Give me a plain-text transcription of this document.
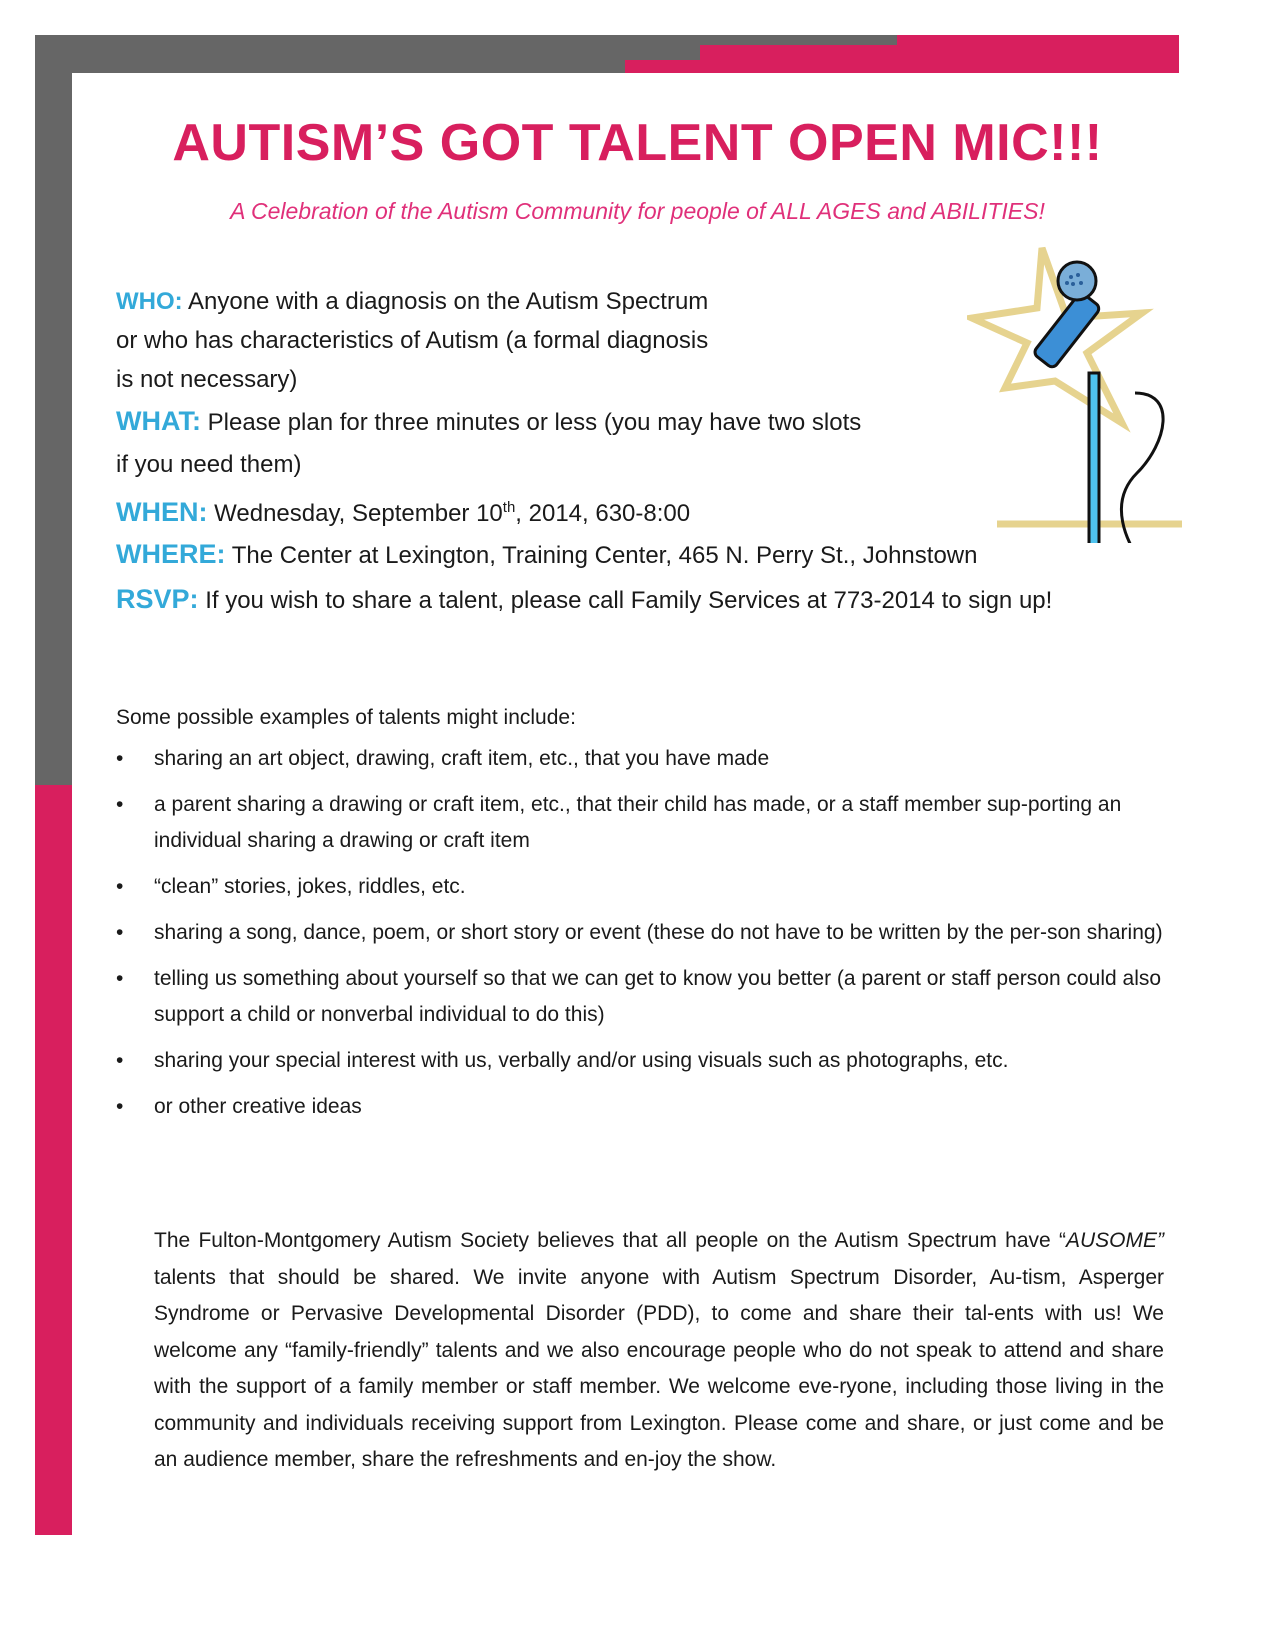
AUTISM’S GOT TALENT OPEN MIC!!!

A Celebration of the Autism Community for people of ALL AGES and ABILITIES!

WHO: Anyone with a diagnosis on the Autism Spectrum

or who has characteristics of Autism (a formal diagnosis

is not necessary)

WHAT: Please plan for three minutes or less (you may have two slots

if you need them)

WHEN: Wednesday, September 10th, 2014, 630-8:00

WHERE: The Center at Lexington, Training Center, 465 N. Perry St., Johnstown

RSVP: If you wish to share a talent, please call Family Services at 773-2014 to sign up!

Some possible examples of talents might include:

• sharing an art object, drawing, craft item, etc., that you have made
• a parent sharing a drawing or craft item, etc., that their child has made, or a staff member sup-porting an individual sharing a drawing or craft item
• “clean” stories, jokes, riddles, etc.
• sharing a song, dance, poem, or short story or event (these do not have to be written by the per-son sharing)
• telling us something about yourself so that we can get to know you better (a parent or staff person could also support a child or nonverbal individual to do this)
• sharing your special interest with us, verbally and/or using visuals such as photographs, etc.
• or other creative ideas

The Fulton-Montgomery Autism Society believes that all people on the Autism Spectrum have “AUSOME” talents that should be shared. We invite anyone with Autism Spectrum Disorder, Au-tism, Asperger Syndrome or Pervasive Developmental Disorder (PDD), to come and share their tal-ents with us! We welcome any “family-friendly” talents and we also encourage people who do not speak to attend and share with the support of a family member or staff member. We welcome eve-ryone, including those living in the community and individuals receiving support from Lexington. Please come and share, or just come and be an audience member, share the refreshments and en-joy the show.
